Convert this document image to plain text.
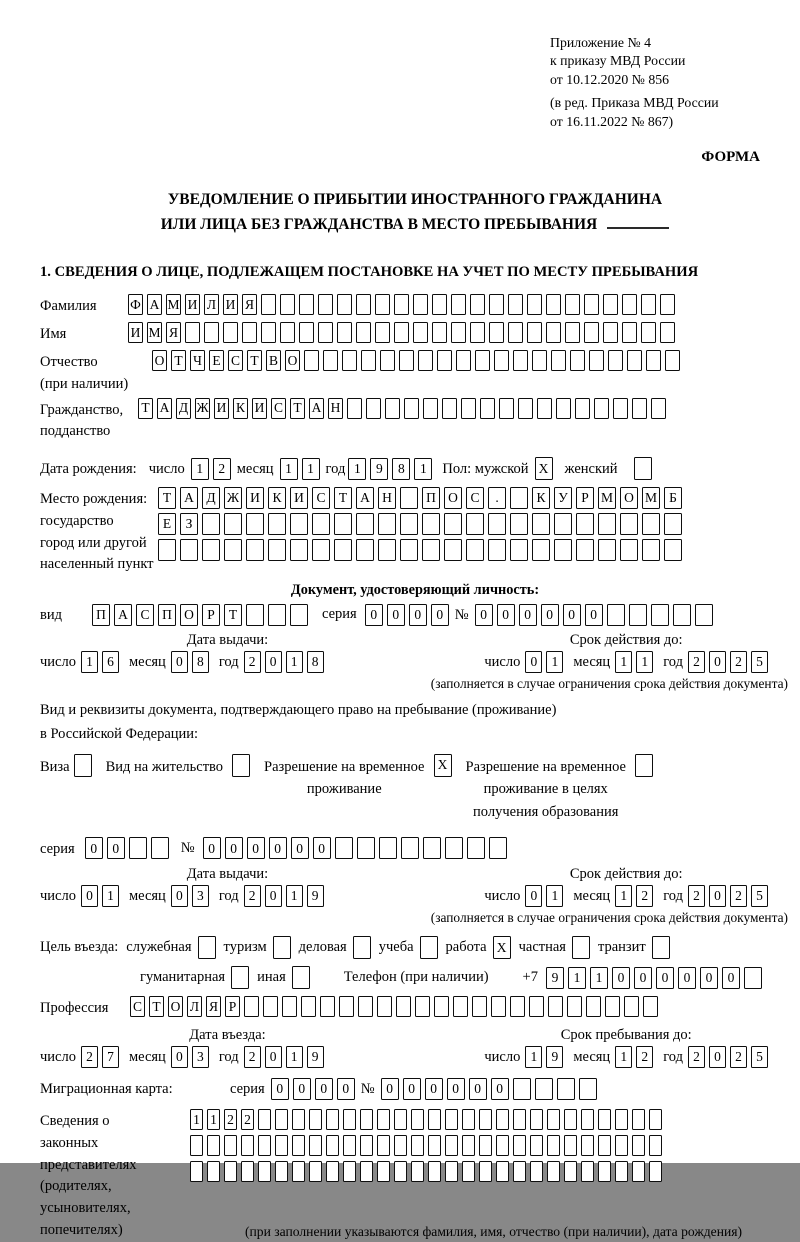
Приложение № 4
к приказу МВД России
от 10.12.2020 № 856
(в ред. Приказа МВД России
от 16.11.2022 № 867)
ФОРМА
УВЕДОМЛЕНИЕ О ПРИБЫТИИ ИНОСТРАННОГО ГРАЖДАНИНА
ИЛИ ЛИЦА БЕЗ ГРАЖДАНСТВА В МЕСТО ПРЕБЫВАНИЯ
1. СВЕДЕНИЯ О ЛИЦЕ, ПОДЛЕЖАЩЕМ ПОСТАНОВКЕ НА УЧЕТ ПО МЕСТУ ПРЕБЫВАНИЯ
Фамилия	Ф А М И Л И Я
Имя	И М Я
Отчество
(при наличии)
О Т Ч Е С Т В О
Гражданство,
подданство
Т А Д Ж И К И С Т А Н
Дата рождения: число 1	2 месяц 1	1 год 1	9	8	1	Пол: мужской X	женский
Место рождения:
государство
город или другой
населенный пункт
Т А Д Ж И К И С Т А Н	П О С	.	К У Р М О М Б
Е	З
Документ, удостоверяющий личность:
вид	П А С П О Р	Т	серия	0	0	0	0 № 0	0	0	0	0	0
Дата выдачи:
число 1	6	месяц 0	8	год 2	0	1	8
Срок действия до:
число 0	1	месяц 1	1	год 2	0	2	5
(заполняется в случае ограничения срока действия документа)
Вид и реквизиты документа, подтверждающего право на пребывание (проживание)
в Российской Федерации:
Виза Вид на жительство	Разрешение на временное
проживание
X Разрешение на временное
проживание в целях
получения образования
серия	0	0	№	0	0	0	0	0	0
Дата выдачи:
число 0	1	месяц 0	3	год 2	0	1	9
Срок действия до:
число 0	1	месяц 1	2	год 2	0	2	5
(заполняется в случае ограничения срока действия документа)
Цель въезда: служебная туризм деловая учеба работа X частная транзит
гуманитарная иная	Телефон (при наличии) +7	9	1	1	0	0	0	0	0	0
Профессия	С Т О Л Я Р
Дата въезда:
число 2	7	месяц 0	3	год 2	0	1	9
Срок пребывания до:
число 1	9	месяц 1	2	год 2	0	2	5
Миграционная карта:	серия 0	0	0	0 № 0	0	0	0	0	0
Сведения о
законных
представителях
(родителях,
усыновителях,
попечителях)
1 1 2 2
(при заполнении указываются фамилия, имя, отчество (при наличии), дата рождения)
